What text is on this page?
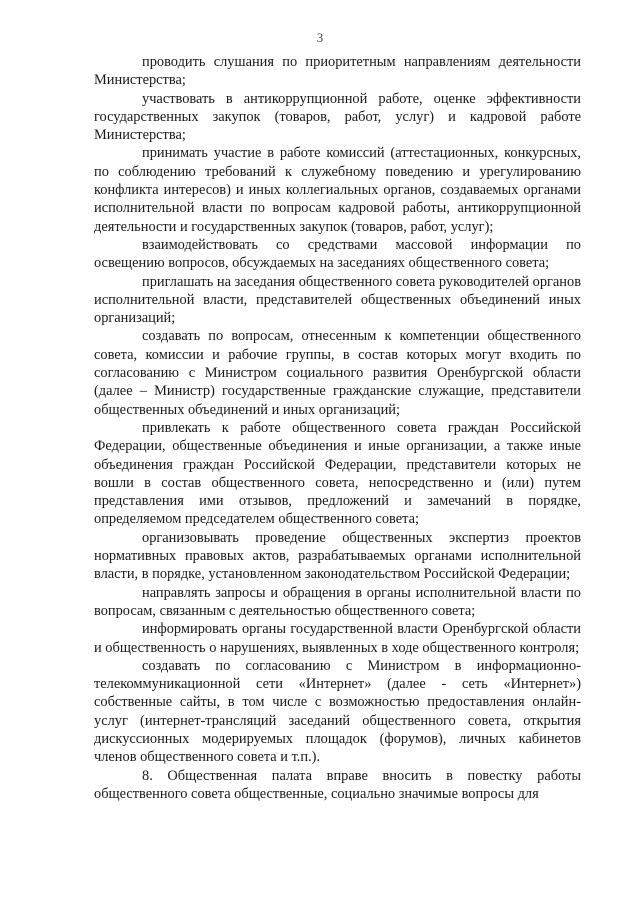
3

проводить слушания по приоритетным направлениям деятельности Министерства;

участвовать в антикоррупционной работе, оценке эффективности государственных закупок (товаров, работ, услуг) и кадровой работе Министерства;

принимать участие в работе комиссий (аттестационных, конкурсных, по соблюдению требований к служебному поведению и урегулированию конфликта интересов) и иных коллегиальных органов, создаваемых органами исполнительной власти по вопросам кадровой работы, антикоррупционной деятельности и государственных закупок (товаров, работ, услуг);

взаимодействовать со средствами массовой информации по освещению вопросов, обсуждаемых на заседаниях общественного совета;

приглашать на заседания общественного совета руководителей органов исполнительной власти, представителей общественных объединений иных организаций;

создавать по вопросам, отнесенным к компетенции общественного совета, комиссии и рабочие группы, в состав которых могут входить по согласованию с Министром социального развития Оренбургской области (далее – Министр) государственные гражданские служащие, представители общественных объединений и иных организаций;

привлекать к работе общественного совета граждан Российской Федерации, общественные объединения и иные организации, а также иные объединения граждан Российской Федерации, представители которых не вошли в состав общественного совета, непосредственно и (или) путем представления ими отзывов, предложений и замечаний в порядке, определяемом председателем общественного совета;

организовывать проведение общественных экспертиз проектов нормативных правовых актов, разрабатываемых органами исполнительной власти, в порядке, установленном законодательством Российской Федерации;

направлять запросы и обращения в органы исполнительной власти по вопросам, связанным с деятельностью общественного совета;

информировать органы государственной власти Оренбургской области и общественность о нарушениях, выявленных в ходе общественного контроля;

создавать по согласованию с Министром в информационно-телекоммуникационной сети «Интернет» (далее - сеть «Интернет») собственные сайты, в том числе с возможностью предоставления онлайн-услуг (интернет-трансляций заседаний общественного совета, открытия дискуссионных модерируемых площадок (форумов), личных кабинетов членов общественного совета и т.п.).

8. Общественная палата вправе вносить в повестку работы общественного совета общественные, социально значимые вопросы для
